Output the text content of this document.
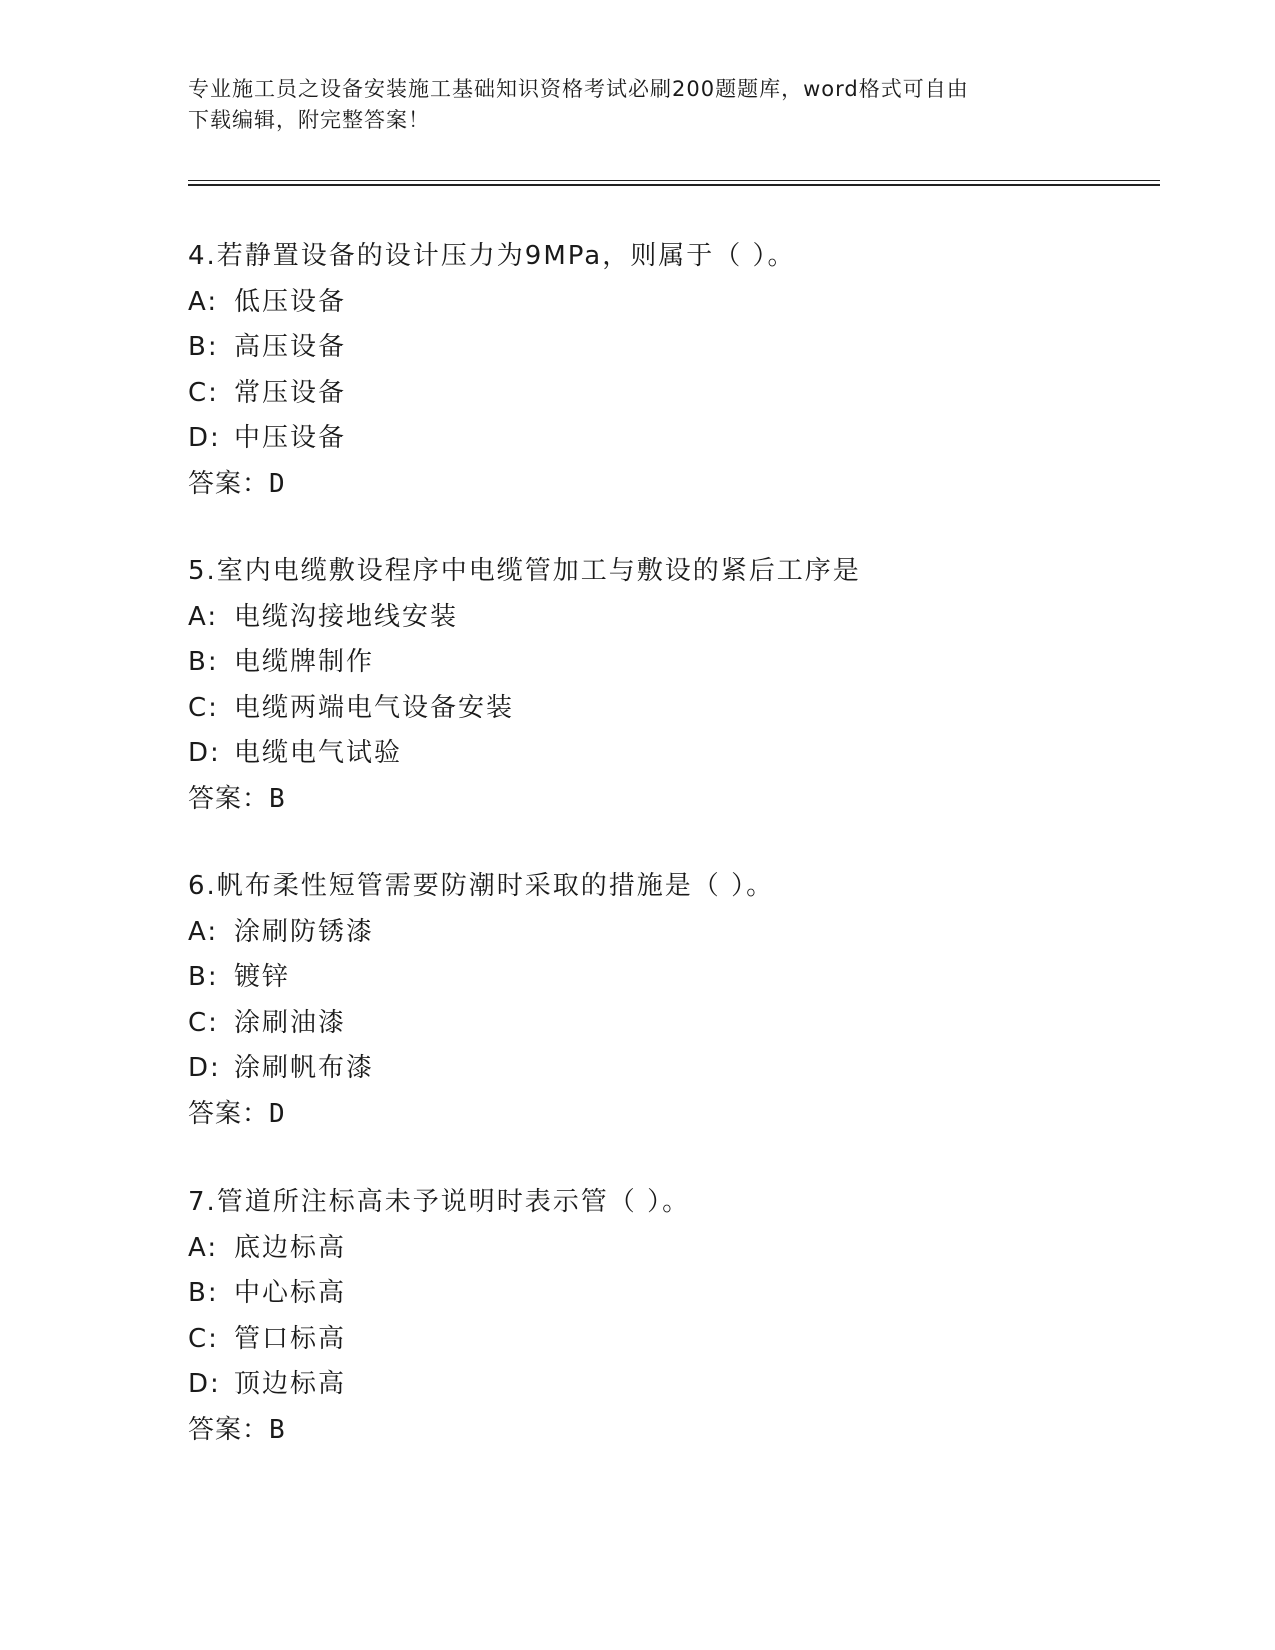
专业施工员之设备安装施工基础知识资格考试必刷200题题库，word格式可自由
下载编辑，附完整答案！
4.若静置设备的设计压力为9MPa，则属于（ ）。
A: 低压设备
B: 高压设备
C: 常压设备
D: 中压设备
答案：D
5.室内电缆敷设程序中电缆管加工与敷设的紧后工序是
A: 电缆沟接地线安装
B: 电缆牌制作
C: 电缆两端电气设备安装
D: 电缆电气试验
答案：B
6.帆布柔性短管需要防潮时采取的措施是（ ）。
A: 涂刷防锈漆
B: 镀锌
C: 涂刷油漆
D: 涂刷帆布漆
答案：D
7.管道所注标高未予说明时表示管（ ）。
A: 底边标高
B: 中心标高
C: 管口标高
D: 顶边标高
答案：B
